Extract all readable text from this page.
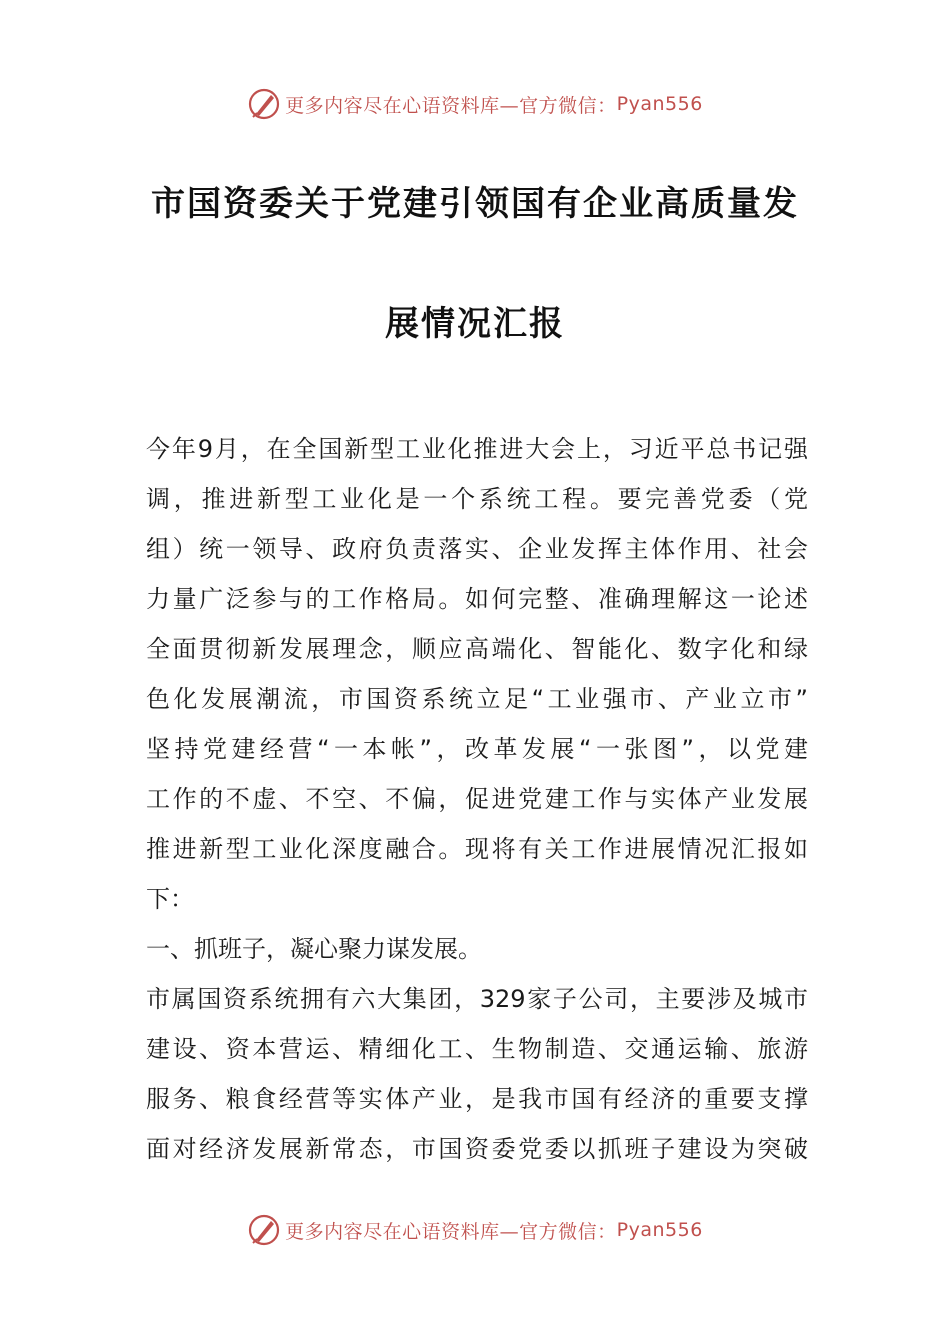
更多内容尽在心语资料库—官方微信： Pyan556
市国资委关于党建引领国有企业高质量发
展情况汇报
今年9月，在全国新型工业化推进大会上，习近平总书记强
调，推进新型工业化是一个系统工程。要完善党委（党
组）统一领导、政府负责落实、企业发挥主体作用、社会
力量广泛参与的工作格局。如何完整、准确理解这一论述
全面贯彻新发展理念，顺应高端化、智能化、数字化和绿
色化发展潮流，市国资系统立足“工业强市、产业立市”
坚持党建经营“一本帐”，改革发展“一张图”，以党建
工作的不虚、不空、不偏，促进党建工作与实体产业发展
推进新型工业化深度融合。现将有关工作进展情况汇报如
下：
一、抓班子，凝心聚力谋发展。
市属国资系统拥有六大集团，329家子公司，主要涉及城市
建设、资本营运、精细化工、生物制造、交通运输、旅游
服务、粮食经营等实体产业，是我市国有经济的重要支撑
面对经济发展新常态，市国资委党委以抓班子建设为突破
更多内容尽在心语资料库—官方微信： Pyan556
